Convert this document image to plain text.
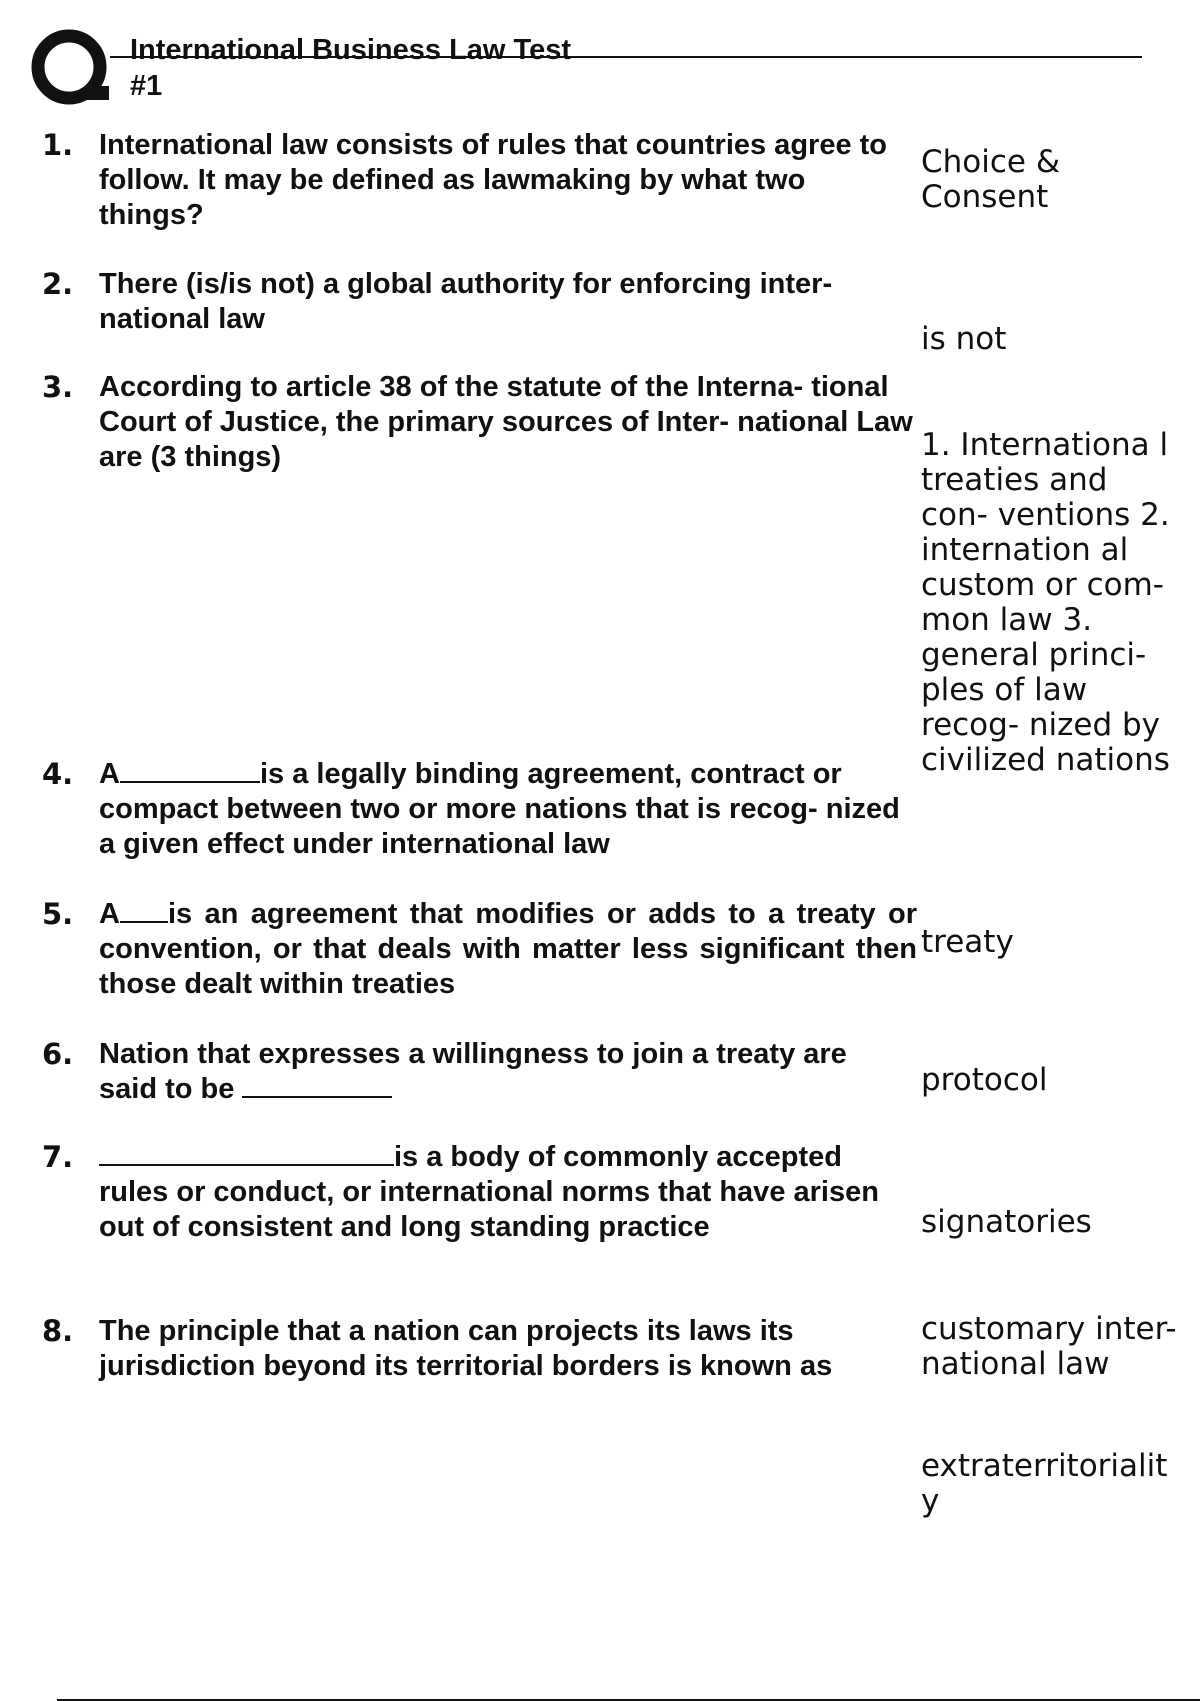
International Business Law Test
#1
1. International law consists of rules that countries agree to follow. It may be defined as lawmaking by what two things?
2. There (is/is not) a global authority for enforcing inter- national law
3. According to article 38 of the statute of the Interna- tional Court of Justice, the primary sources of Inter- national Law are (3 things)
4. A	is a legally binding agreement, contract or compact between two or more nations that is recog- nized a given effect under international law
5. A is an agreement that modifies or adds to a treaty or convention, or that deals with matter less significant then those dealt within treaties
6. Nation that expresses a willingness to join a treaty are said to be
7.	is a body of commonly accepted rules or conduct, or international norms that have arisen out of consistent and long standing practice
8. The principle that a nation can projects its laws its jurisdiction beyond its territorial borders is known as
Choice & Consent
is not
1. Internationa l treaties and con- ventions 2. internation al custom or com- mon law 3. general princi- ples of law recog- nized by civilized nations
treaty
protocol
signatories
customary inter- national law
extraterritorialit y
